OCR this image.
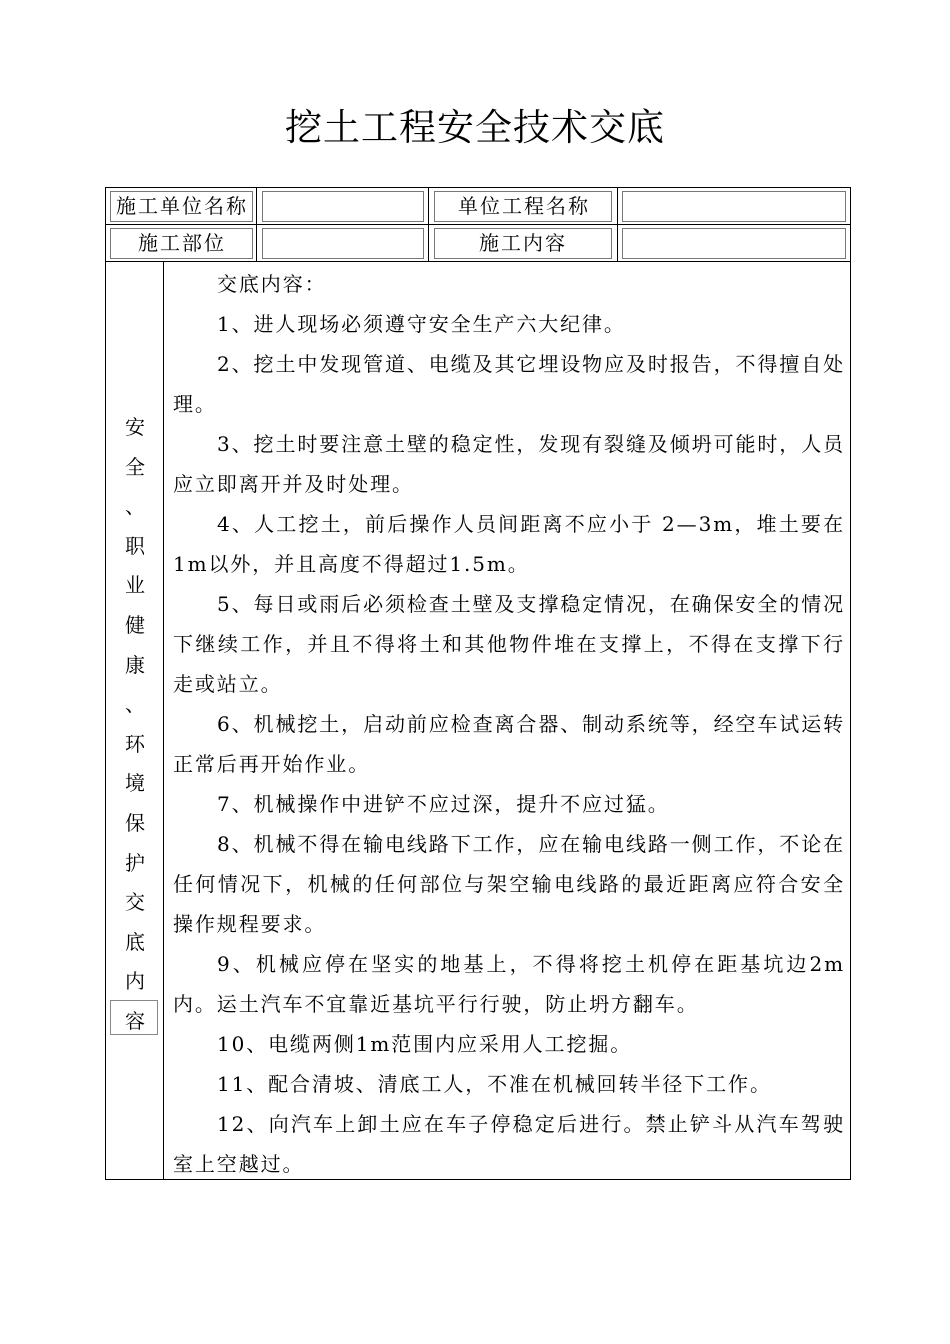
挖土工程安全技术交底
施工单位名称	单位工程名称
施工部位	施工内容
安
全
、
职
业
健
康
、
环
境
保
护
交
底
内
容

交底内容：

1、进人现场必须遵守安全生产六大纪律。

2、挖土中发现管道、电缆及其它埋设物应及时报告，不得擅自处理。

3、挖土时要注意土壁的稳定性，发现有裂缝及倾坍可能时，人员应立即离开并及时处理。

4、人工挖土，前后操作人员间距离不应小于 2—3m，堆土要在1m以外，并且高度不得超过1.5m。

5、每日或雨后必须检查土壁及支撑稳定情况，在确保安全的情况下继续工作，并且不得将土和其他物件堆在支撑上，不得在支撑下行走或站立。

6、机械挖土，启动前应检查离合器、制动系统等，经空车试运转正常后再开始作业。

7、机械操作中进铲不应过深，提升不应过猛。

8、机械不得在输电线路下工作，应在输电线路一侧工作，不论在任何情况下，机械的任何部位与架空输电线路的最近距离应符合安全操作规程要求。

9、机械应停在坚实的地基上，不得将挖土机停在距基坑边2m内。运土汽车不宜靠近基坑平行行驶，防止坍方翻车。

10、电缆两侧1m范围内应采用人工挖掘。

11、配合清坡、清底工人，不准在机械回转半径下工作。

12、向汽车上卸土应在车子停稳定后进行。禁止铲斗从汽车驾驶室上空越过。
